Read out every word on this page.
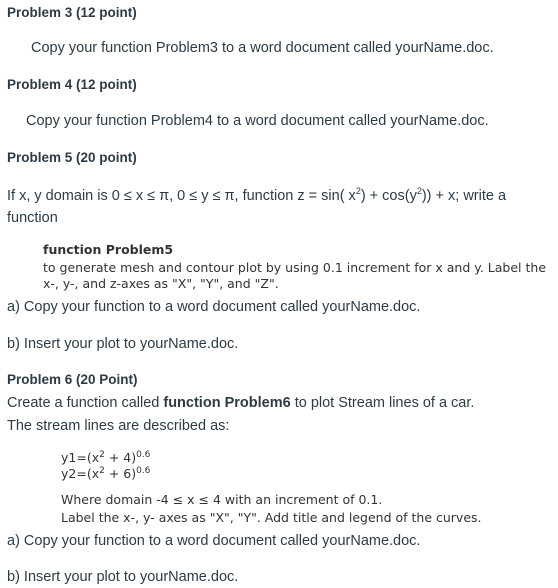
Problem 3 (12 point)
Copy your function Problem3 to a word document called yourName.doc.
Problem 4 (12 point)
Copy your function Problem4 to a word document called yourName.doc.
Problem 5 (20 point)
If x, y domain is 0 ≤ x ≤ π, 0 ≤ y ≤ π, function z = sin( $x^2) + \cos(y^2)) + x$; write a
function
function Problem5
to generate mesh and contour plot by using 0.1 increment for x and y. Label the
x-, y-, and z-axes as "X", "Y", and "Z".
a) Copy your function to a word document called yourName.doc.
b) Insert your plot to yourName.doc.
Problem 6 (20 Point)
Create a function called function Problem6 to plot Stream lines of a car.
The stream lines are described as:
$y1=(x^2 + 4)^{0.6}$
$y2=(x^2 + 6)^{0.6}$
Where domain -4 ≤ x ≤ 4 with an increment of 0.1.
Label the x-, y- axes as "X", "Y". Add title and legend of the curves.
a) Copy your function to a word document called yourName.doc.
b) Insert your plot to yourName.doc.
